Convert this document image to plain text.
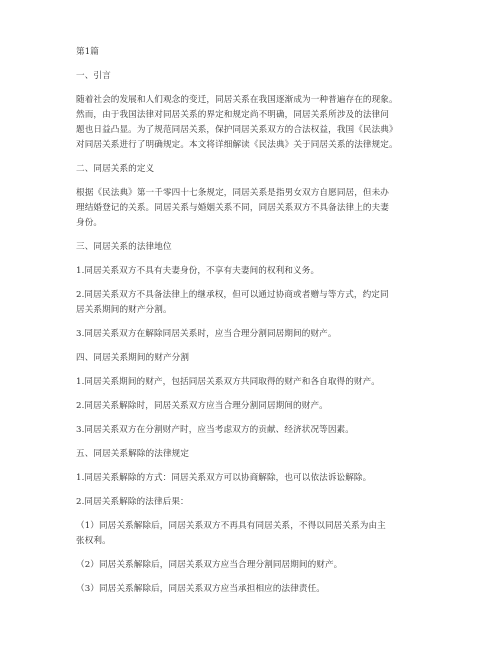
第1篇
一、引言
随着社会的发展和人们观念的变迁，同居关系在我国逐渐成为一种普遍存在的现象。
然而，由于我国法律对同居关系的界定和规定尚不明确，同居关系所涉及的法律问
题也日益凸显。为了规范同居关系，保护同居关系双方的合法权益，我国《民法典》
对同居关系进行了明确规定。本文将详细解读《民法典》关于同居关系的法律规定。
二、同居关系的定义
根据《民法典》第一千零四十七条规定，同居关系是指男女双方自愿同居，但未办
理结婚登记的关系。同居关系与婚姻关系不同，同居关系双方不具备法律上的夫妻
身份。
三、同居关系的法律地位
1.同居关系双方不具有夫妻身份，不享有夫妻间的权利和义务。
2.同居关系双方不具备法律上的继承权，但可以通过协商或者赠与等方式，约定同
居关系期间的财产分割。
3.同居关系双方在解除同居关系时，应当合理分割同居期间的财产。
四、同居关系期间的财产分割
1.同居关系期间的财产，包括同居关系双方共同取得的财产和各自取得的财产。
2.同居关系解除时，同居关系双方应当合理分割同居期间的财产。
3.同居关系双方在分割财产时，应当考虑双方的贡献、经济状况等因素。
五、同居关系解除的法律规定
1.同居关系解除的方式：同居关系双方可以协商解除，也可以依法诉讼解除。
2.同居关系解除的法律后果：
（1）同居关系解除后，同居关系双方不再具有同居关系，不得以同居关系为由主
张权利。
（2）同居关系解除后，同居关系双方应当合理分割同居期间的财产。
（3）同居关系解除后，同居关系双方应当承担相应的法律责任。
